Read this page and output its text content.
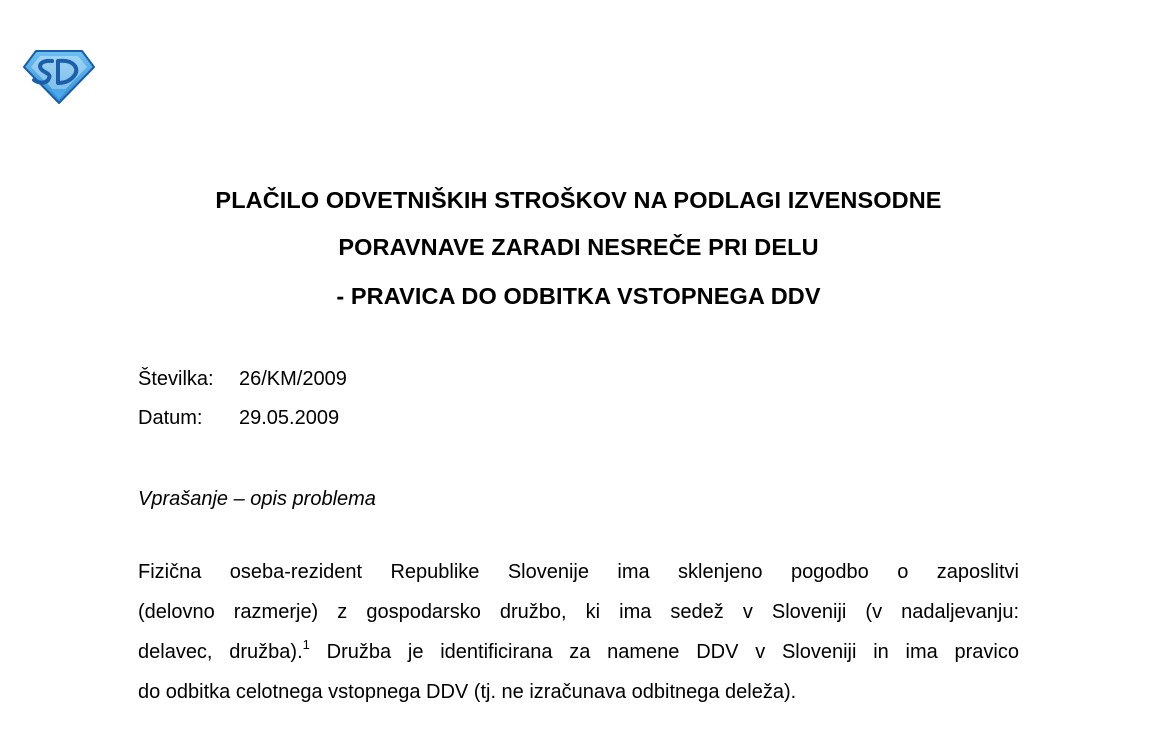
PLAČILO ODVETNIŠKIH STROŠKOV NA PODLAGI IZVENSODNE
PORAVNAVE ZARADI NESREČE PRI DELU
- PRAVICA DO ODBITKA VSTOPNEGA DDV
Številka: 26/KM/2009
Datum: 29.05.2009
Vprašanje – opis problema
Fizična oseba-rezident Republike Slovenije ima sklenjeno pogodbo o zaposlitvi
(delovno razmerje) z gospodarsko družbo, ki ima sedež v Sloveniji (v nadaljevanju:
delavec, družba).$^1$ Družba je identificirana za namene DDV v Sloveniji in ima pravico
do odbitka celotnega vstopnega DDV (tj. ne izračunava odbitnega deleža).
